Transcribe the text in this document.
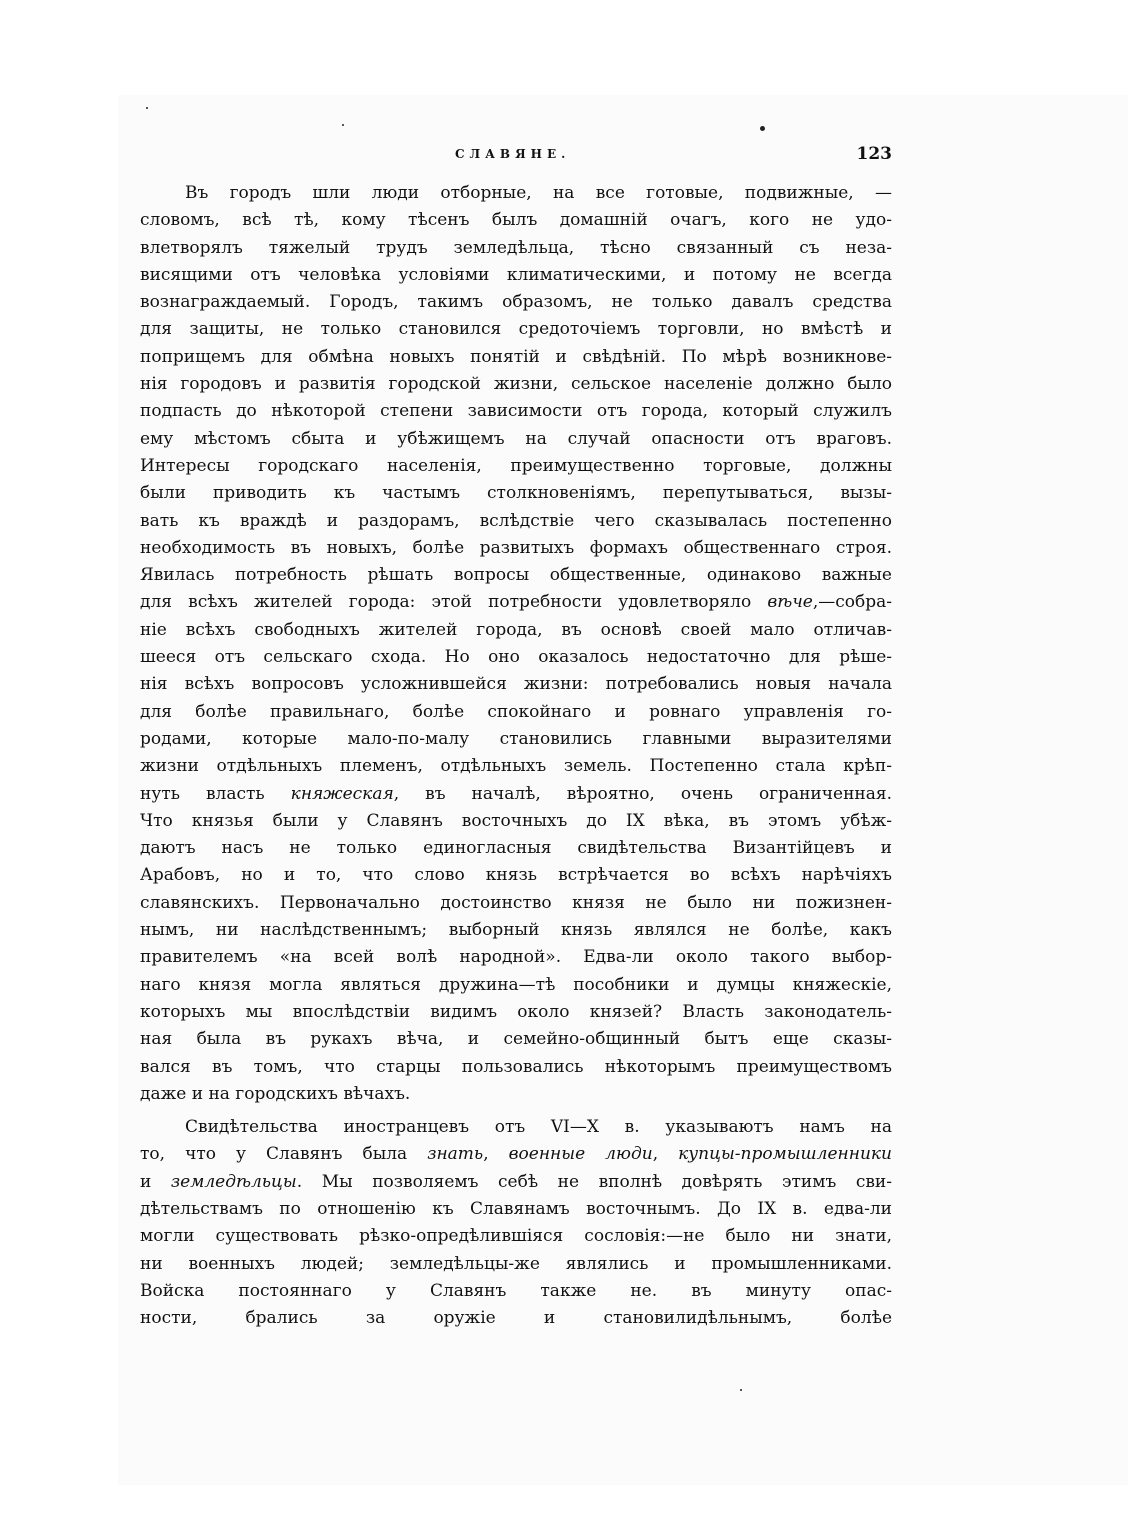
СЛАВЯНЕ.	123
Въ городъ шли люди отборные, на все готовые, подвижные, —
словомъ, всѣ тѣ, кому тѣсенъ былъ домашній очагъ, кого не удо-
влетворялъ тяжелый трудъ земледѣльца, тѣсно связанный съ неза-
висящими отъ человѣка условіями климатическими, и потому не всегда
вознаграждаемый. Городъ, такимъ образомъ, не только давалъ средства
для защиты, не только становился средоточіемъ торговли, но вмѣстѣ и
поприщемъ для обмѣна новыхъ понятій и свѣдѣній. По мѣрѣ возникнове-
нія городовъ и развитія городской жизни, сельское населеніе должно было
подпасть до нѣкоторой степени зависимости отъ города, который служилъ
ему мѣстомъ сбыта и убѣжищемъ на случай опасности отъ враговъ.
Интересы городскаго населенія, преимущественно торговые, должны
были приводить къ частымъ столкновеніямъ, перепутываться, вызы-
вать къ враждѣ и раздорамъ, вслѣдствіе чего сказывалась постепенно
необходимость въ новыхъ, болѣе развитыхъ формахъ общественнаго строя.
Явилась потребность рѣшать вопросы общественные, одинаково важные
для всѣхъ жителей города: этой потребности удовлетворяло вѣче,—собра-
ніе всѣхъ свободныхъ жителей города, въ основѣ своей мало отличав-
шееся отъ сельскаго схода. Но оно оказалось недостаточно для рѣше-
нія всѣхъ вопросовъ усложнившейся жизни: потребовались новыя начала
для болѣе правильнаго, болѣе спокойнаго и ровнаго управленія го-
родами, которые мало-по-малу становились главными выразителями
жизни отдѣльныхъ племенъ, отдѣльныхъ земель. Постепенно стала крѣп-
нуть власть княжеская, въ началѣ, вѣроятно, очень ограниченная.
Что князья были у Славянъ восточныхъ до IX вѣка, въ этомъ убѣж-
даютъ насъ не только единогласныя свидѣтельства Византійцевъ и
Арабовъ, но и то, что слово князь встрѣчается во всѣхъ нарѣчіяхъ
славянскихъ. Первоначально достоинство князя не было ни пожизнен-
нымъ, ни наслѣдственнымъ; выборный князь являлся не болѣе, какъ
правителемъ «на всей волѣ народной». Едва-ли около такого выбор-
наго князя могла являться дружина—тѣ пособники и думцы княжескіе,
которыхъ мы впослѣдствіи видимъ около князей? Власть законодатель-
ная была въ рукахъ вѣча, и семейно-общинный бытъ еще сказы-
вался въ томъ, что старцы пользовались нѣкоторымъ преимуществомъ
даже и на городскихъ вѣчахъ.
Свидѣтельства иностранцевъ отъ VI—X в. указываютъ намъ на
то, что у Славянъ была знать, военные люди, купцы-промышленники
и земледѣльцы. Мы позволяемъ себѣ не вполнѣ довѣрять этимъ сви-
дѣтельствамъ по отношенію къ Славянамъ восточнымъ. До IX в. едва-ли
могли существовать рѣзко-опредѣлившіяся сословія:—не было ни знати,
ни военныхъ людей; земледѣльцы-же являлись и промышленниками.
Войска постояннаго у Славянъ также не. въ минуту опас-
ности, брались за оружіе и становилидѣльнымъ, болѣе
